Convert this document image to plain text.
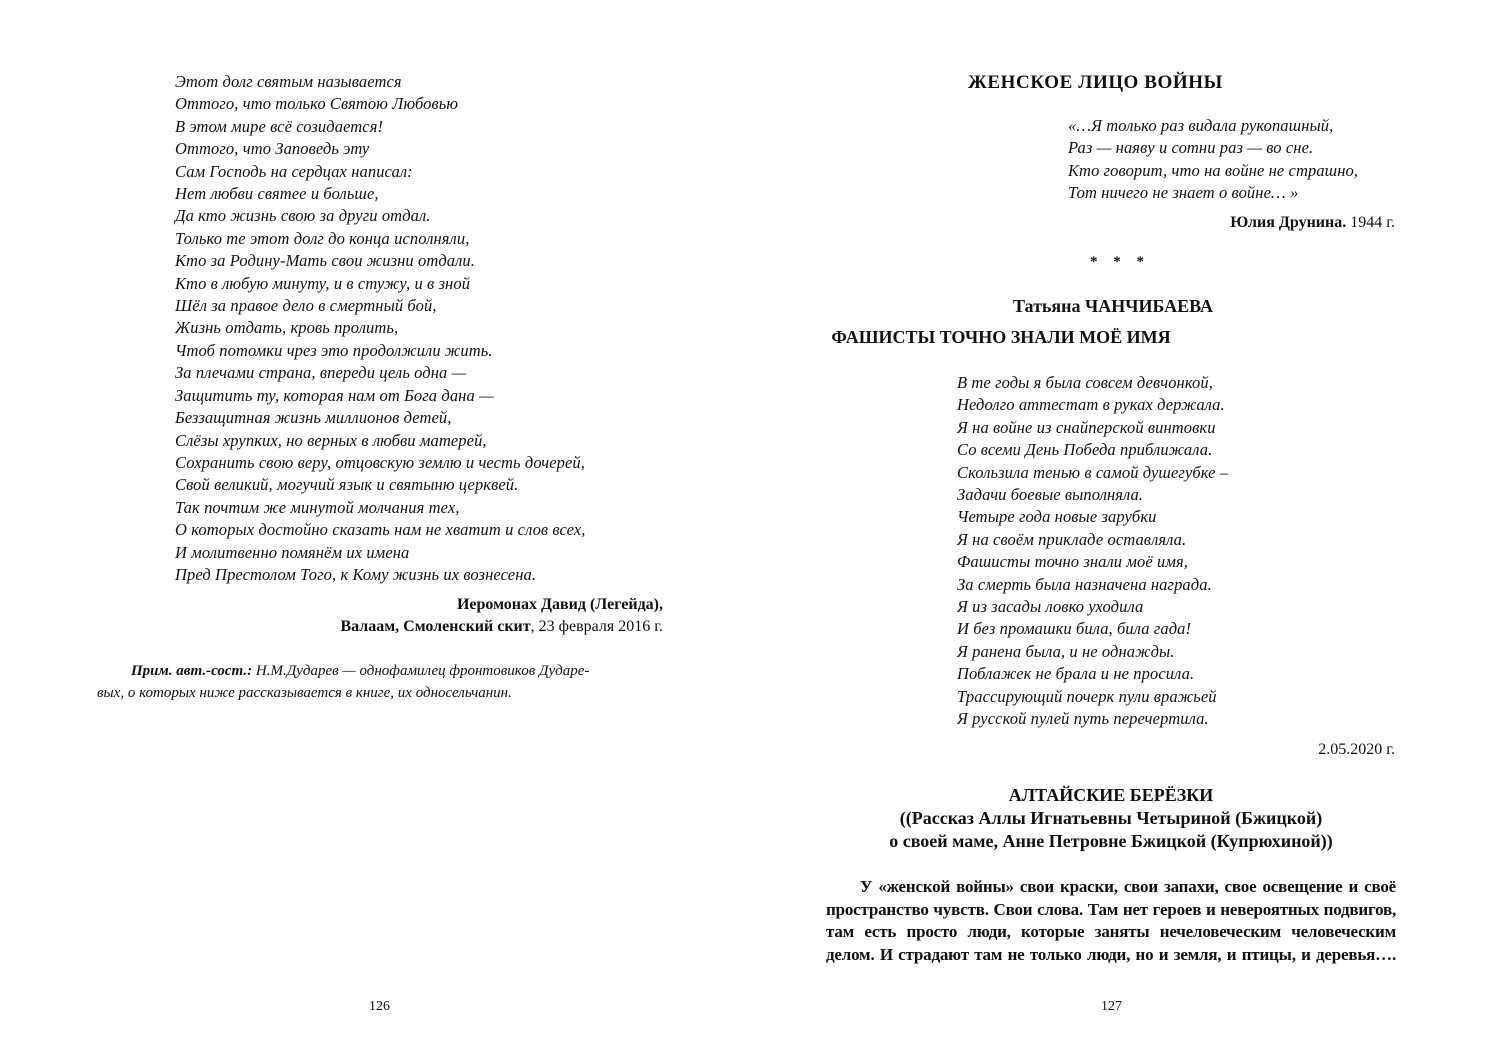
Этот долг святым называется
Оттого, что только Святою Любовью
В этом мире всё созидается!
Оттого, что Заповедь эту
Сам Господь на сердцах написал:
Нет любви святее и больше,
Да кто жизнь свою за други отдал.
Только те этот долг до конца исполняли,
Кто за Родину-Мать свои жизни отдали.
Кто в любую минуту, и в стужу, и в зной
Шёл за правое дело в смертный бой,
Жизнь отдать, кровь пролить,
Чтоб потомки чрез это продолжили жить.
За плечами страна, впереди цель одна —
Защитить ту, которая нам от Бога дана —
Беззащитная жизнь миллионов детей,
Слёзы хрупких, но верных в любви матерей,
Сохранить свою веру, отцовскую землю и честь дочерей,
Свой великий, могучий язык и святыню церквей.
Так почтим же минутой молчания тех,
О которых достойно сказать нам не хватит и слов всех,
И молитвенно помянём их имена
Пред Престолом Того, к Кому жизнь их вознесена.
Иеромонах Давид (Легейда),
Валаам, Смоленский скит, 23 февраля 2016 г.
Прим. авт.-сост.: Н.М.Дударев — однофамилец фронтовиков Дударе-
вых, о которых ниже рассказывается в книге, их односельчанин.
126
ЖЕНСКОЕ ЛИЦО ВОЙНЫ
«…Я только раз видала рукопашный,
Раз — наяву и сотни раз — во сне.
Кто говорит, что на войне не страшно,
Тот ничего не знает о войне… »
Юлия Друнина. 1944 г.
* * *
Татьяна ЧАНЧИБАЕВА
ФАШИСТЫ ТОЧНО ЗНАЛИ МОЁ ИМЯ
В те годы я была совсем девчонкой,
Недолго аттестат в руках держала.
Я на войне из снайперской винтовки
Со всеми День Победа приближала.
Скользила тенью в самой душегубке –
Задачи боевые выполняла.
Четыре года новые зарубки
Я на своём прикладе оставляла.
Фашисты точно знали моё имя,
За смерть была назначена награда.
Я из засады ловко уходила
И без промашки била, била гада!
Я ранена была, и не однажды.
Поблажек не брала и не просила.
Трассирующий почерк пули вражьей
Я русской пулей путь перечертила.
2.05.2020 г.
АЛТАЙСКИЕ БЕРЁЗКИ
((Рассказ Аллы Игнатьевны Четыриной (Бжицкой)
о своей маме, Анне Петровне Бжицкой (Купрюхиной))
У «женской войны» свои краски, свои запахи, свое освещение и своё
пространство чувств. Свои слова. Там нет героев и невероятных подвигов,
там есть просто люди, которые заняты нечеловеческим человеческим
делом. И страдают там не только люди, но и земля, и птицы, и деревья….
127
